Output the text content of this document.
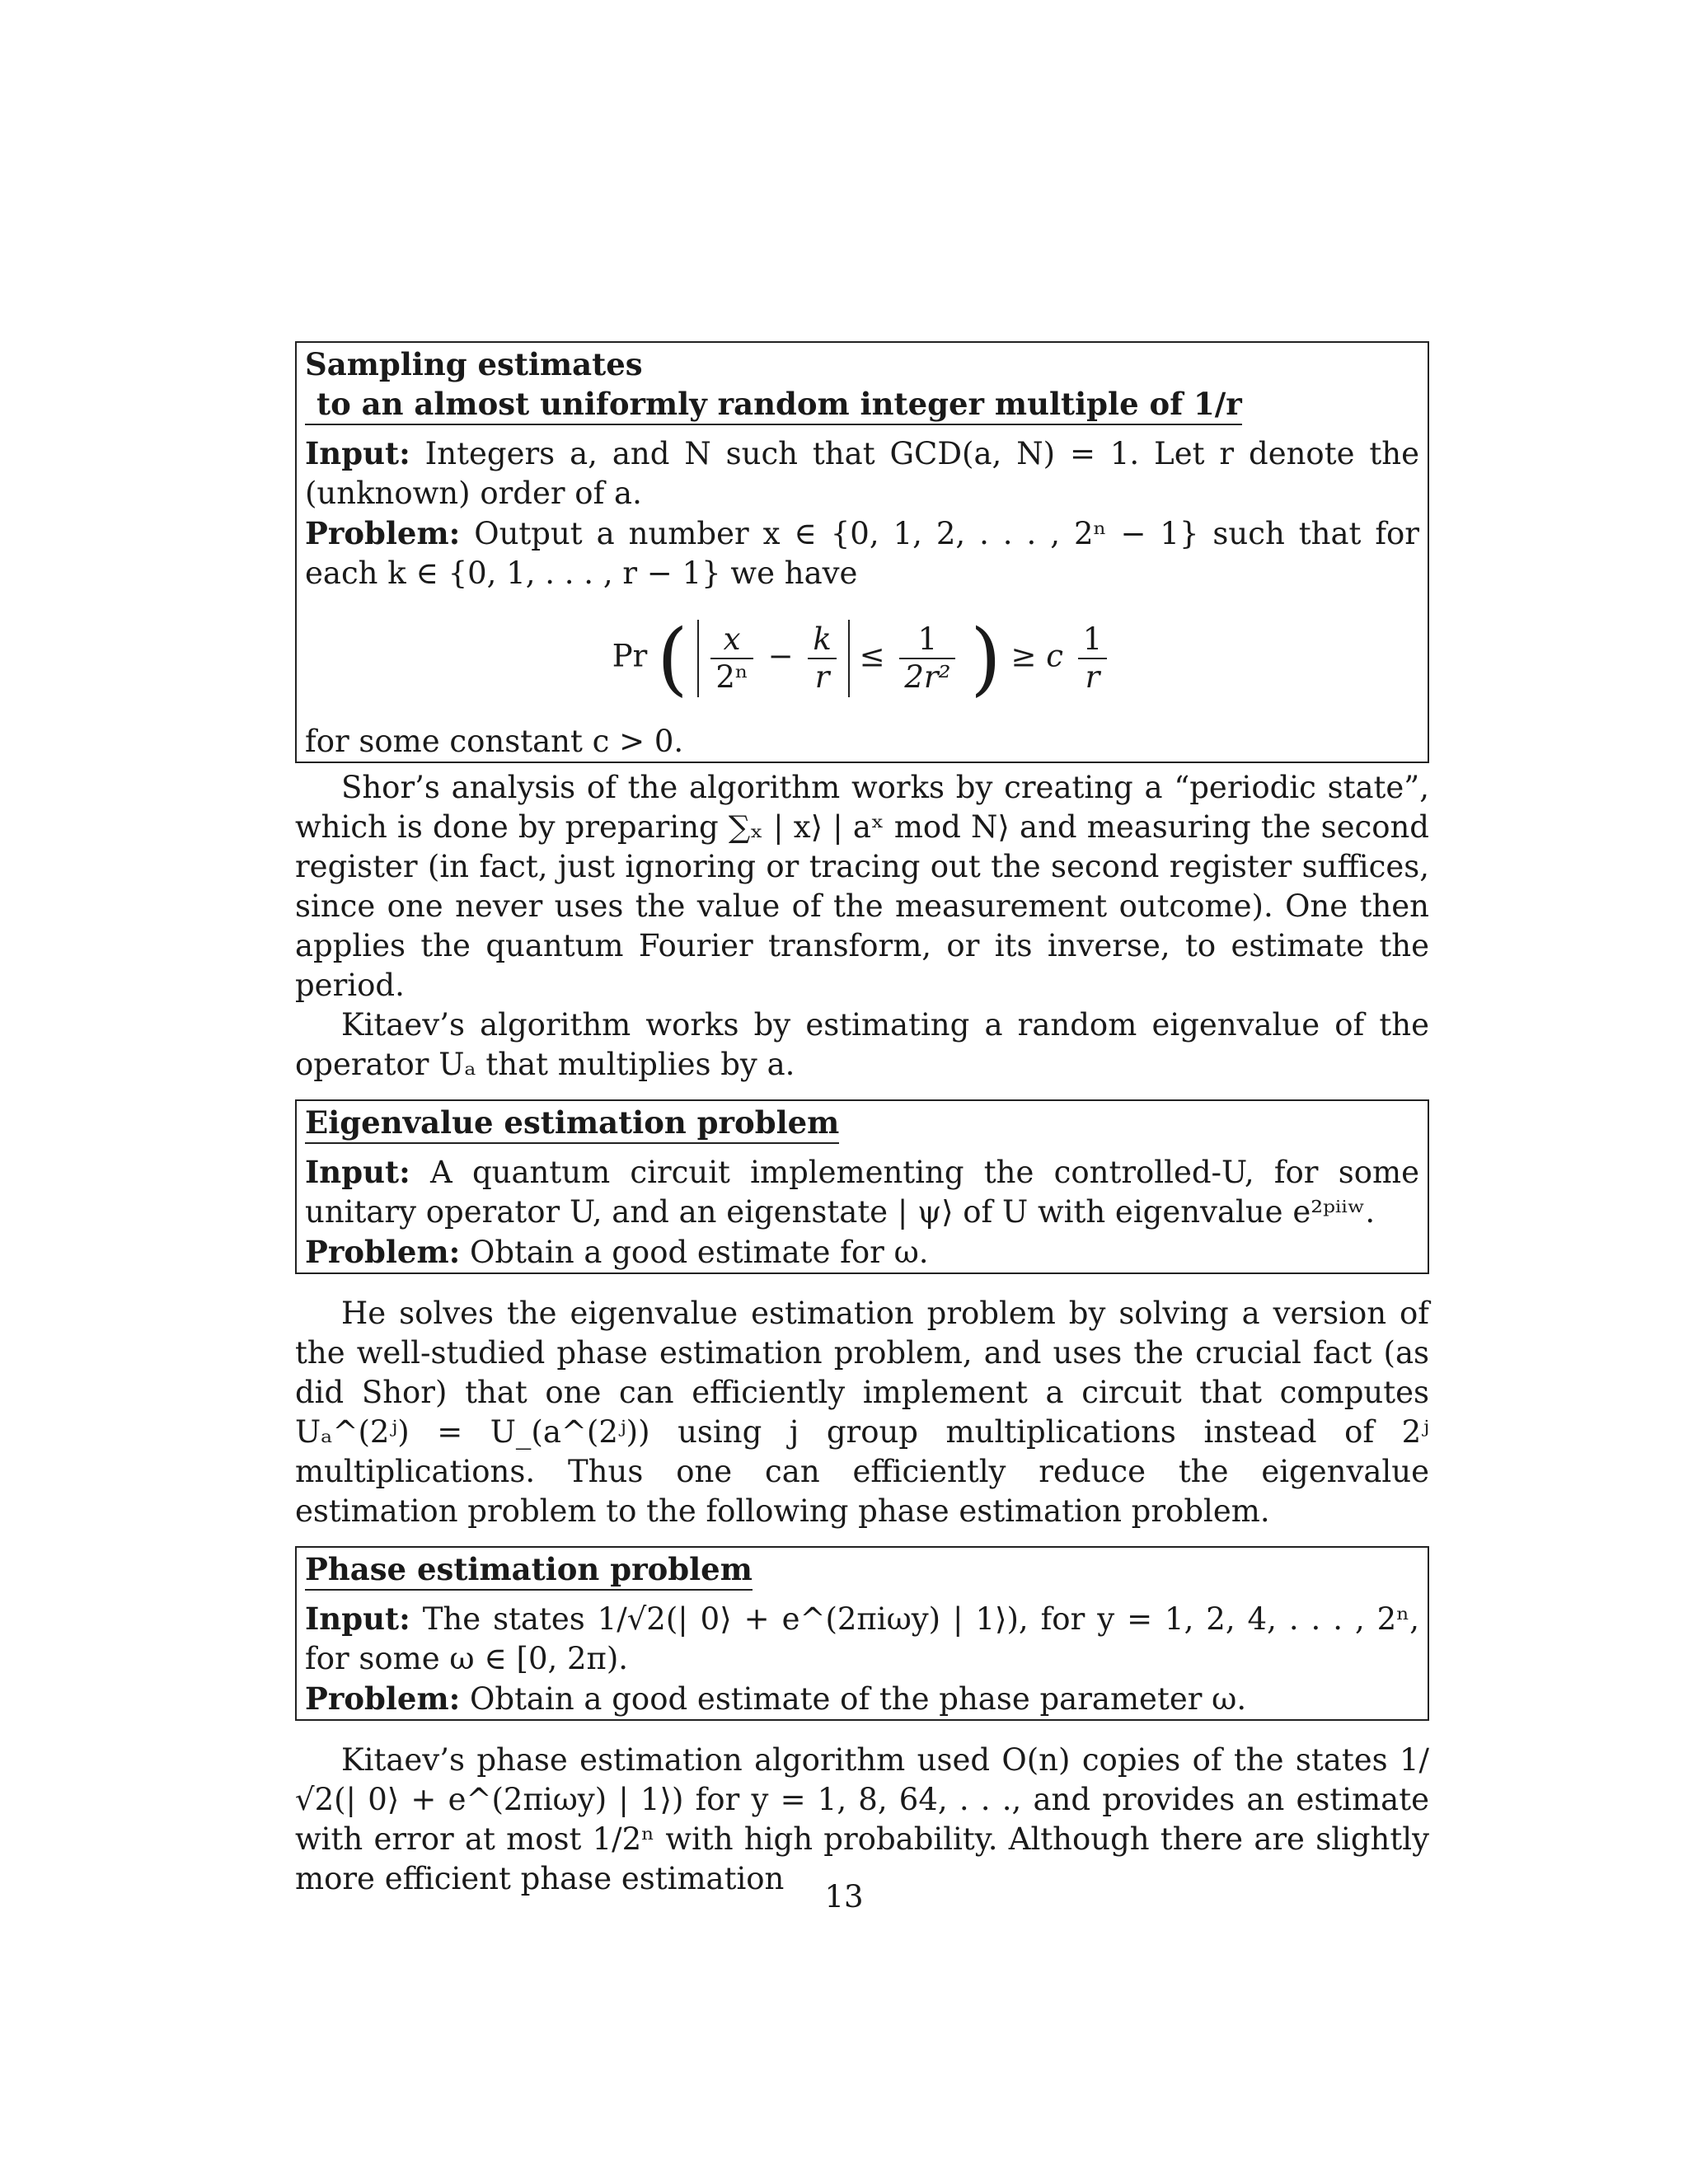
Sampling estimates
to an almost uniformly random integer multiple of 1/r
Input: Integers a, and N such that GCD(a, N) = 1. Let r denote the (unknown) order of a.
Problem: Output a number x ∈ {0, 1, 2, . . . , 2ⁿ − 1} such that for each k ∈ {0, 1, . . . , r − 1} we have
Pr ( $\frac{x}{\text{2ⁿ}} - \frac{k}{r} \le \frac{1}{\text{2r²}}$ ) ≥ c $\frac{1}{r}$
for some constant c > 0.

Shor’s analysis of the algorithm works by creating a “periodic state”, which is done by preparing ∑ₓ | x⟩ | aˣ mod N⟩ and measuring the second register (in fact, just ignoring or tracing out the second register suffices, since one never uses the value of the measurement outcome). One then applies the quantum Fourier transform, or its inverse, to estimate the period.

Kitaev’s algorithm works by estimating a random eigenvalue of the operator Uₐ that multiplies by a.

Eigenvalue estimation problem
Input: A quantum circuit implementing the controlled-U, for some unitary operator U, and an eigenstate | ψ⟩ of U with eigenvalue e²ᵖⁱⁱʷ.
Problem: Obtain a good estimate for ω.

He solves the eigenvalue estimation problem by solving a version of the well-studied phase estimation problem, and uses the crucial fact (as did Shor) that one can efficiently implement a circuit that computes Uₐ^(2ʲ) = U_(a^(2ʲ)) using j group multiplications instead of 2ʲ multiplications. Thus one can efficiently reduce the eigenvalue estimation problem to the following phase estimation problem.

Phase estimation problem
Input: The states 1/√2(| 0⟩ + e^(2πiωy) | 1⟩), for y = 1, 2, 4, . . . , 2ⁿ, for some ω ∈ [0, 2π).
Problem: Obtain a good estimate of the phase parameter ω.

Kitaev’s phase estimation algorithm used O(n) copies of the states 1/√2(| 0⟩ + e^(2πiωy) | 1⟩) for y = 1, 8, 64, . . ., and provides an estimate with error at most 1/2ⁿ with high probability. Although there are slightly more efficient phase estimation

13
